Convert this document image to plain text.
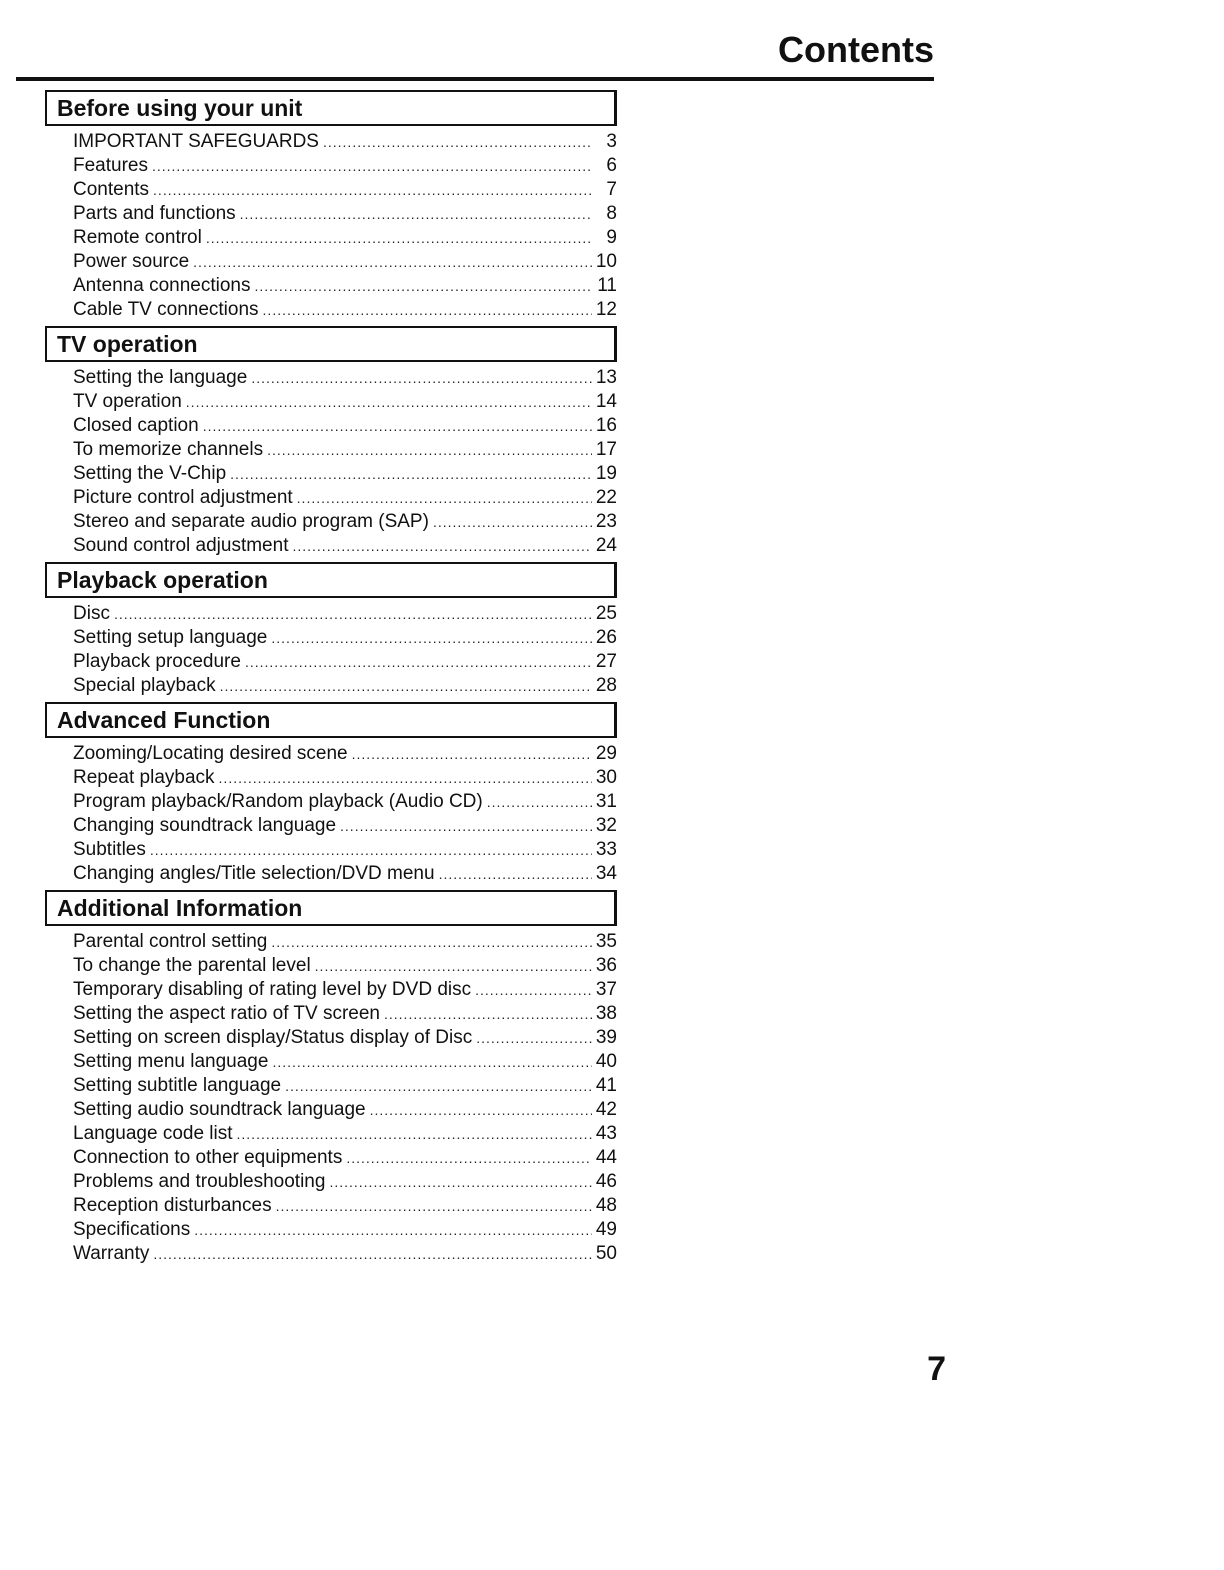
Contents
Before using your unit
IMPORTANT SAFEGUARDS .....	3
Features .....	6
Contents .....	7
Parts and functions .....	8
Remote control .....	9
Power source .....	10
Antenna connections .....	11
Cable TV connections .....	12
TV operation
Setting the language .....	13
TV operation .....	14
Closed caption .....	16
To memorize channels .....	17
Setting the V-Chip .....	19
Picture control adjustment .....	22
Stereo and separate audio program (SAP) .....	23
Sound control adjustment .....	24
Playback operation
Disc .....	25
Setting setup language .....	26
Playback procedure .....	27
Special playback .....	28
Advanced Function
Zooming/Locating desired scene .....	29
Repeat playback .....	30
Program playback/Random playback (Audio CD) .....	31
Changing soundtrack language .....	32
Subtitles .....	33
Changing angles/Title selection/DVD menu .....	34
Additional Information
Parental control setting .....	35
To change the parental level .....	36
Temporary disabling of rating level by DVD disc .....	37
Setting the aspect ratio of TV screen .....	38
Setting on screen display/Status display of Disc .....	39
Setting menu language .....	40
Setting subtitle language .....	41
Setting audio soundtrack language .....	42
Language code list .....	43
Connection to other equipments .....	44
Problems and troubleshooting .....	46
Reception disturbances .....	48
Specifications .....	49
Warranty .....	50
7
